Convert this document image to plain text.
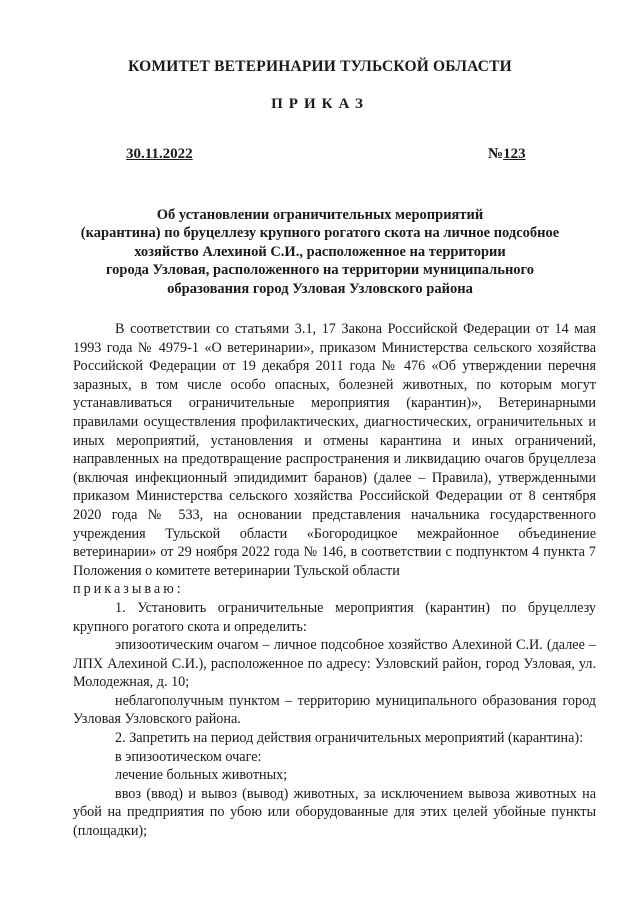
КОМИТЕТ ВЕТЕРИНАРИИ ТУЛЬСКОЙ ОБЛАСТИ
ПРИКАЗ
30.11.2022	№123
Об установлении ограничительных мероприятий
(карантина) по бруцеллезу крупного рогатого скота на личное подсобное
хозяйство Алехиной С.И., расположенное на территории
города Узловая, расположенного на территории муниципального
образования город Узловая Узловского района

В соответствии со статьями 3.1, 17 Закона Российской Федерации от 14 мая 1993 года № 4979-1 «О ветеринарии», приказом Министерства сельского хозяйства Российской Федерации от 19 декабря 2011 года № 476 «Об утверждении перечня заразных, в том числе особо опасных, болезней животных, по которым могут устанавливаться ограничительные мероприятия (карантин)», Ветеринарными правилами осуществления профилактических, диагностических, ограничительных и иных мероприятий, установления и отмены карантина и иных ограничений, направленных на предотвращение распространения и ликвидацию очагов бруцеллеза (включая инфекционный эпидидимит баранов) (далее – Правила), утвержденными приказом Министерства сельского хозяйства Российской Федерации от 8 сентября 2020 года № 533, на основании представления начальника государственного учреждения Тульской области «Богородицкое межрайонное объединение ветеринарии» от 29 ноября 2022 года № 146, в соответствии с подпунктом 4 пункта 7 Положения о комитете ветеринарии Тульской области

приказываю:

1. Установить ограничительные мероприятия (карантин) по бруцеллезу крупного рогатого скота и определить:

эпизоотическим очагом – личное подсобное хозяйство Алехиной С.И. (далее – ЛПХ Алехиной С.И.), расположенное по адресу: Узловский район, город Узловая, ул. Молодежная, д. 10;

неблагополучным пунктом – территорию муниципального образования город Узловая Узловского района.

2. Запретить на период действия ограничительных мероприятий (карантина):

в эпизоотическом очаге:

лечение больных животных;

ввоз (ввод) и вывоз (вывод) животных, за исключением вывоза животных на убой на предприятия по убою или оборудованные для этих целей убойные пункты (площадки);
